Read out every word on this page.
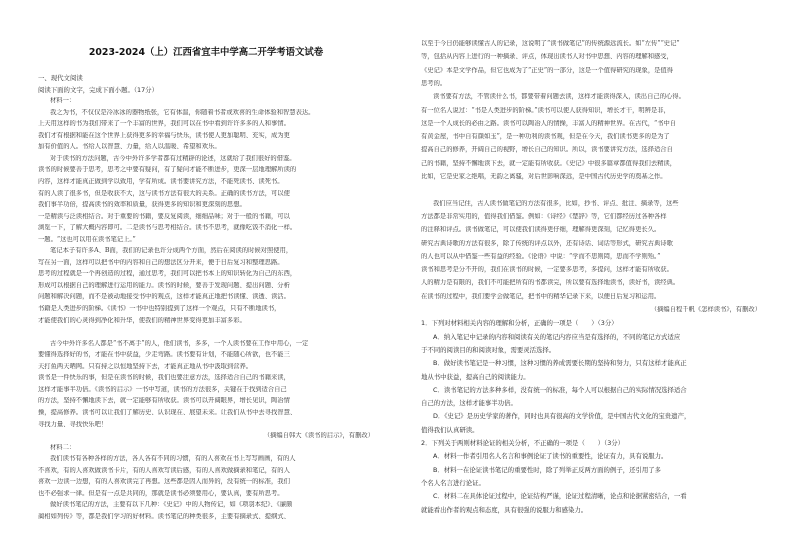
2023-2024（上）江西省宜丰中学高二开学考语文试卷
一、现代文阅读
阅读下面的文字，完成下面小题。（17分）
材料一：
我之为书，不仅仅是冷冰冰的器物纸张，它有体温，你随着书者或欢喜的生命体验和智慧表达。
上天用这样的书为我们带来了一个丰富的世界，我们可以在书中看到许许多多的人和事情。
我们才有根据和能在这个世界上获得更多的幸福与快乐，读书使人更加聪明、充实，成为更
加有价值的人。书给人以智慧、力量，给人以温暖、希望和欢乐。
对于读书的方法问题，古今中外许多学者都有过精辟的论述，这就给了我们很好的借鉴。
读书的时候要善于思考，思考之中要有疑问，有了疑问才能不断进步，更深一层地理解所读的
内容，这样才能真正做到学以致用，学有所成。读书要讲究方法，不能死读书、读死书。
有的人读了很多书，但是收获不大，这与读书方法有很大的关系。正确的读书方法，可以使
我们事半功倍，提高读书的效率和质量，获得更多的知识和更深刻的思想。
一是精读与泛读相结合。对于重要的书籍，要反复阅读，细细品味；对于一般的书籍，可以
浏览一下，了解大概内容即可。二是读书与思考相结合。读书不思考，就像吃饭不消化一样。
一题。“这也可以用在读书笔记上。”
笔记本子有许多A、B面，我们的记录也许分成两个方面，然后在阅读的时候对照使用，
写在另一面，这样可以把书中的内容和自己的想法区分开来，便于日后复习和整理思路。
思考的过程就是一个再创造的过程，通过思考，我们可以把书本上的知识转化为自己的东西，
形成可以根据自己的理解进行运用的能力。读书的时候，要善于发现问题、提出问题、分析
问题和解决问题，而不是被动地接受书中的观点，这样才能真正地把书读懂、读透、读活。
书籍是人类进步的阶梯。《读书》一书中也特别提到了这样一个观点，只有不断地读书，
才能使我们的心灵得到净化和升华，使我们的精神世界变得更加丰富多彩。
古今中外许多名人都是“书不离手”的人，他们读书，多多，一个人读书要在工作中用心，一定
要懂得选择好的书，才能在书中获益，少走弯路。读书要有计划，不能随心所欲，也不能三
天打鱼两天晒网。只有持之以恒地坚持下去，才能真正地从书中汲取到营养。
读书是一件快乐的事，但是在读书的时候，我们也要注意方法，选择适合自己的书籍来读，
这样才能事半功倍。《读书的启示》一书中写道，读书的方法很多，关键在于找到适合自己
的方法，坚持不懈地读下去，就一定能够有所收获。读书可以开阔眼界，增长见识，陶冶情
操，提高修养。读书可以让我们了解历史、认识现在、展望未来。让我们从书中去寻找智慧、
寻找力量、寻找快乐吧！
（摘编自韩大《读书的启示》，有删改）
材料二：
我们读书有各种各样的方法，各人各有不同的习惯，有的人喜欢在书上写写画画，有的人
不喜欢，有的人喜欢做读书卡片，有的人喜欢写读后感，有的人喜欢做摘录和笔记，有的人
喜欢一边读一边想，有的人喜欢读完了再想。这些都是因人而异的，没有统一的标准，我们
也不必强求一律。但是有一点是共同的，那就是读书必须要用心，要认真，要有所思考。
做好读书笔记的方法，主要有以下几种：《史记》中的人物传记，如《项羽本纪》、《廉颇
蔺相如列传》等，都是我们学习的好材料。读书笔记的种类很多，主要有摘录式、提纲式、
以至于今日仍能够读懂古人的记录，这说明了“读书做笔记”的传统源远流长。如“左传”“史记”
等，包括从内容上进行的一种摘录、评点，体现出读书人对书中思想、内容的理解和感受，
《史记》本是文学作品，但它也成为了“正史”的一部分，这是一个值得研究的现象，是值得
思考的。
读书要有方法，不管读什么书，都要带着问题去读，这样才能读得深入，读出自己的心得。
有一位名人说过：“书是人类进步的阶梯。”读书可以使人获得知识，增长才干，明辨是非，
这是一个人成长的必由之路。读书可以陶冶人的情操，丰富人的精神世界。在古代，“书中自
有黄金屋，书中自有颜如玉”，是一种功利的读书观，但是在今天，我们读书更多的是为了
提高自己的修养，开阔自己的视野，增长自己的知识。所以，读书要讲究方法，选择适合自
己的书籍，坚持不懈地读下去，就一定能有所收获。《史记》中很多篇章都值得我们去精读，
比如，它是史家之绝唱，无韵之离骚，对后世影响深远，是中国古代历史学的奠基之作。
我们应当记住，古人读书做笔记的方法有很多，比如，抄书、评点、批注、摘录等，这些
方法都是非常实用的，值得我们借鉴。例如：《诗经》《楚辞》等，它们都经历过各种各样
的注释和评点。读书做笔记，可以使我们读得更仔细，理解得更深刻，记忆得更长久。
研究古典诗歌的方法有很多，除了传统的评点以外，还有诗话、词话等形式，研究古典诗歌
的人也可以从中借鉴一些有益的经验。《论语》中说：“学而不思则罔，思而不学则殆。”
读书和思考是分不开的，我们在读书的时候，一定要多思考，多提问，这样才能有所收获。
人的精力是有限的，我们不可能把所有的书都读完，所以要有选择地读书，读好书，读经典。
在读书的过程中，我们要学会做笔记，把书中的精华记录下来，以便日后复习和运用。
（摘编自程千帆《怎样读书》，有删改）
1．下列对材料相关内容的理解和分析，正确的一项是（　　）（3分）
A．纳入笔记中记录的内容和阅读有关的笔记内容应当是有选择的，不同的笔记方式适应
于不同的阅读目的和阅读对象，需要灵活选择。
B．做好读书笔记是一种习惯，这种习惯的养成需要长期的坚持和努力，只有这样才能真正
地从书中获益，提高自己的阅读能力。
C．读书笔记的方法多种多样，没有统一的标准，每个人可以根据自己的实际情况选择适合
自己的方法，这样才能事半功倍。
D．《史记》是历史学家的著作，同时也具有很高的文学价值，是中国古代文化的宝贵遗产，
值得我们认真研读。
2．下列关于两则材料论证的相关分析，不正确的一项是（　　）（3分）
A．材料一作者引用名人名言和事例论证了读书的重要性，论证有力，具有说服力。
B．材料一在论证读书笔记的重要性时，除了列举正反两方面的例子，还引用了多
个名人名言进行论证。
C．材料二在具体论证过程中，论证结构严谨，论证过程清晰，论点和论据紧密结合，一看
就能看出作者的观点和态度，具有很强的说服力和感染力。
